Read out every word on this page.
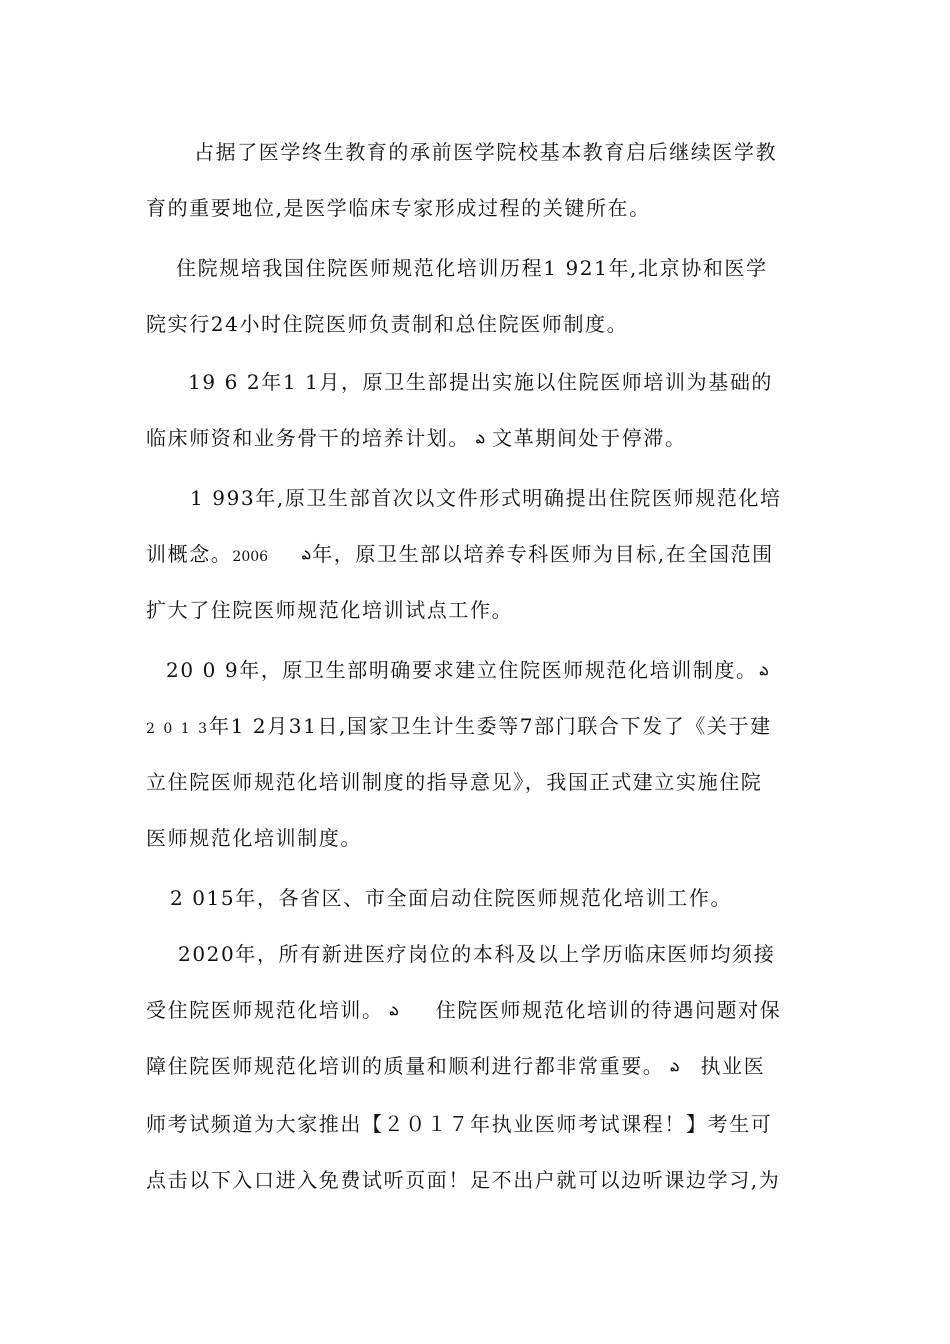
占据了医学终生教育的承前医学院校基本教育启后继续医学教
育的重要地位,是医学临床专家形成过程的关键所在。
住院规培我国住院医师规范化培训历程1 921年,北京协和医学
院实行24小时住院医师负责制和总住院医师制度。
19 6 2年1 1月，原卫生部提出实施以住院医师培训为基础的
临床师资和业务骨干的培养计划。 ఎ 文革期间处于停滞。
1 993年,原卫生部首次以文件形式明确提出住院医师规范化培
训概念。2006	ఎ年，原卫生部以培养专科医师为目标,在全国范围
扩大了住院医师规范化培训试点工作。
20 0 9年，原卫生部明确要求建立住院医师规范化培训制度。 ఎ
2 0 1 3年1 2月31日,国家卫生计生委等7部门联合下发了《关于建
立住院医师规范化培训制度的指导意见》，我国正式建立实施住院
医师规范化培训制度。
2 015年，各省区、市全面启动住院医师规范化培训工作。
2020年，所有新进医疗岗位的本科及以上学历临床医师均须接
受住院医师规范化培训。 ఎ 住院医师规范化培训的待遇问题对保
障住院医师规范化培训的质量和顺利进行都非常重要。 ఎ 执业医
师考试频道为大家推出【２０１７年执业医师考试课程！】考生可
点击以下入口进入免费试听页面！足不出户就可以边听课边学习,为
